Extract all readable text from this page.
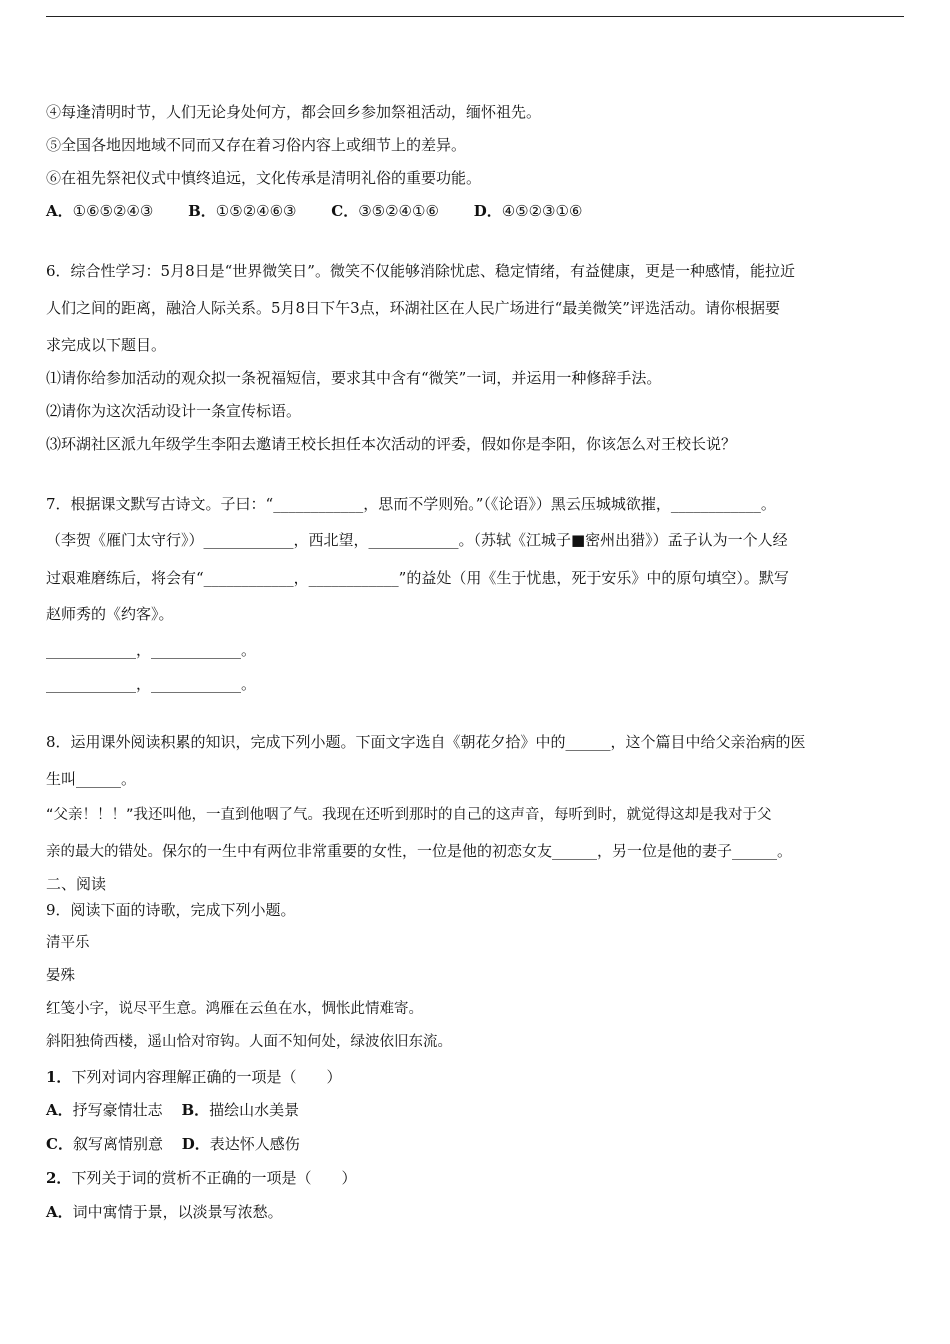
④每逢清明时节，人们无论身处何方，都会回乡参加祭祖活动，缅怀祖先。
⑤全国各地因地域不同而又存在着习俗内容上或细节上的差异。
⑥在祖先祭祀仪式中慎终追远，文化传承是清明礼俗的重要功能。
A．①⑥⑤②④③ B．①⑤②④⑥③ C．③⑤②④①⑥ D．④⑤②③①⑥
6．综合性学习：5月8日是“世界微笑日”。微笑不仅能够消除忧虑、稳定情绪，有益健康，更是一种感情，能拉近
人们之间的距离，融洽人际关系。5月8日下午3点，环湖社区在人民广场进行“最美微笑”评选活动。请你根据要
求完成以下题目。
⑴请你给参加活动的观众拟一条祝福短信，要求其中含有“微笑”一词，并运用一种修辞手法。
⑵请你为这次活动设计一条宣传标语。
⑶环湖社区派九年级学生李阳去邀请王校长担任本次活动的评委，假如你是李阳，你该怎么对王校长说？
7．根据课文默写古诗文。子曰：“____________，思而不学则殆。”（《论语》）黑云压城城欲摧，____________。
（李贺《雁门太守行》）____________，西北望，____________。（苏轼《江城子■密州出猎》）孟子认为一个人经
过艰难磨练后，将会有“____________，____________”的益处（用《生于忧患，死于安乐》中的原句填空）。默写
赵师秀的《约客》。
____________，____________。
____________，____________。
8．运用课外阅读积累的知识，完成下列小题。下面文字选自《朝花夕拾》中的______，这个篇目中给父亲治病的医
生叫______。
“父亲！！！”我还叫他，一直到他咽了气。我现在还听到那时的自己的这声音，每听到时，就觉得这却是我对于父
亲的最大的错处。保尔的一生中有两位非常重要的女性，一位是他的初恋女友______，另一位是他的妻子______。
二、阅读
9．阅读下面的诗歌，完成下列小题。
清平乐
晏殊
红笺小字，说尽平生意。鸿雁在云鱼在水，惆怅此情难寄。
斜阳独倚西楼，遥山恰对帘钩。人面不知何处，绿波依旧东流。
1．下列对词内容理解正确的一项是（　　）
A．抒写豪情壮志 B．描绘山水美景
C．叙写离情别意 D．表达怀人感伤
2．下列关于词的赏析不正确的一项是（　　）
A．词中寓情于景，以淡景写浓愁。
